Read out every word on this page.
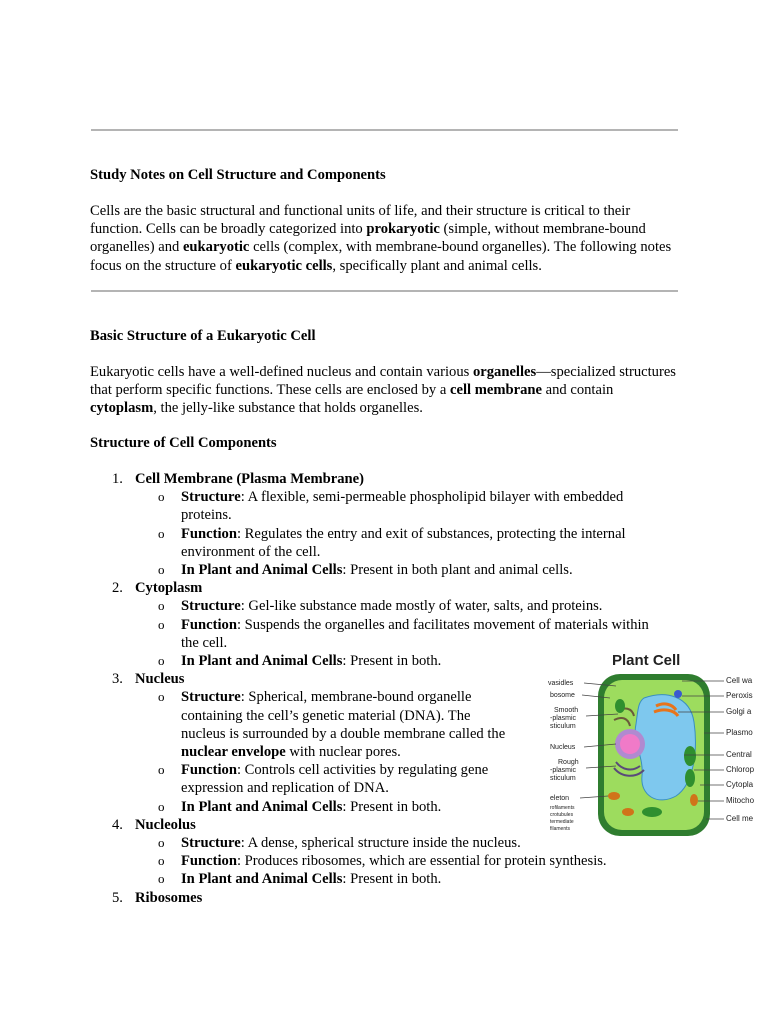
Study Notes on Cell Structure and Components
Cells are the basic structural and functional units of life, and their structure is critical to their function. Cells can be broadly categorized into prokaryotic (simple, without membrane-bound organelles) and eukaryotic cells (complex, with membrane-bound organelles). The following notes focus on the structure of eukaryotic cells, specifically plant and animal cells.
Basic Structure of a Eukaryotic Cell
Eukaryotic cells have a well-defined nucleus and contain various organelles—specialized structures that perform specific functions. These cells are enclosed by a cell membrane and contain cytoplasm, the jelly-like substance that holds organelles.
Structure of Cell Components
1. Cell Membrane (Plasma Membrane)
o Structure: A flexible, semi-permeable phospholipid bilayer with embedded proteins.
o Function: Regulates the entry and exit of substances, protecting the internal environment of the cell.
o In Plant and Animal Cells: Present in both plant and animal cells.
2. Cytoplasm
o Structure: Gel-like substance made mostly of water, salts, and proteins.
o Function: Suspends the organelles and facilitates movement of materials within the cell.
o In Plant and Animal Cells: Present in both.
3. Nucleus
o Structure: Spherical, membrane-bound organelle containing the cell’s genetic material (DNA). The nucleus is surrounded by a double membrane called the nuclear envelope with nuclear pores.
o Function: Controls cell activities by regulating gene expression and replication of DNA.
o In Plant and Animal Cells: Present in both.
4. Nucleolus
o Structure: A dense, spherical structure inside the nucleus.
o Function: Produces ribosomes, which are essential for protein synthesis.
o In Plant and Animal Cells: Present in both.
5. Ribosomes
Plant Cell
vasidles
bosome
Smooth
-plasmic
sticulum
Nucleus
Rough
-plasmic
sticulum
eleton
rofilaments
crotubules
termediate
filaments
Cell wa
Peroxis
Golgi a
Plasmo
Central
Chlorop
Cytopla
Mitocho
Cell me
